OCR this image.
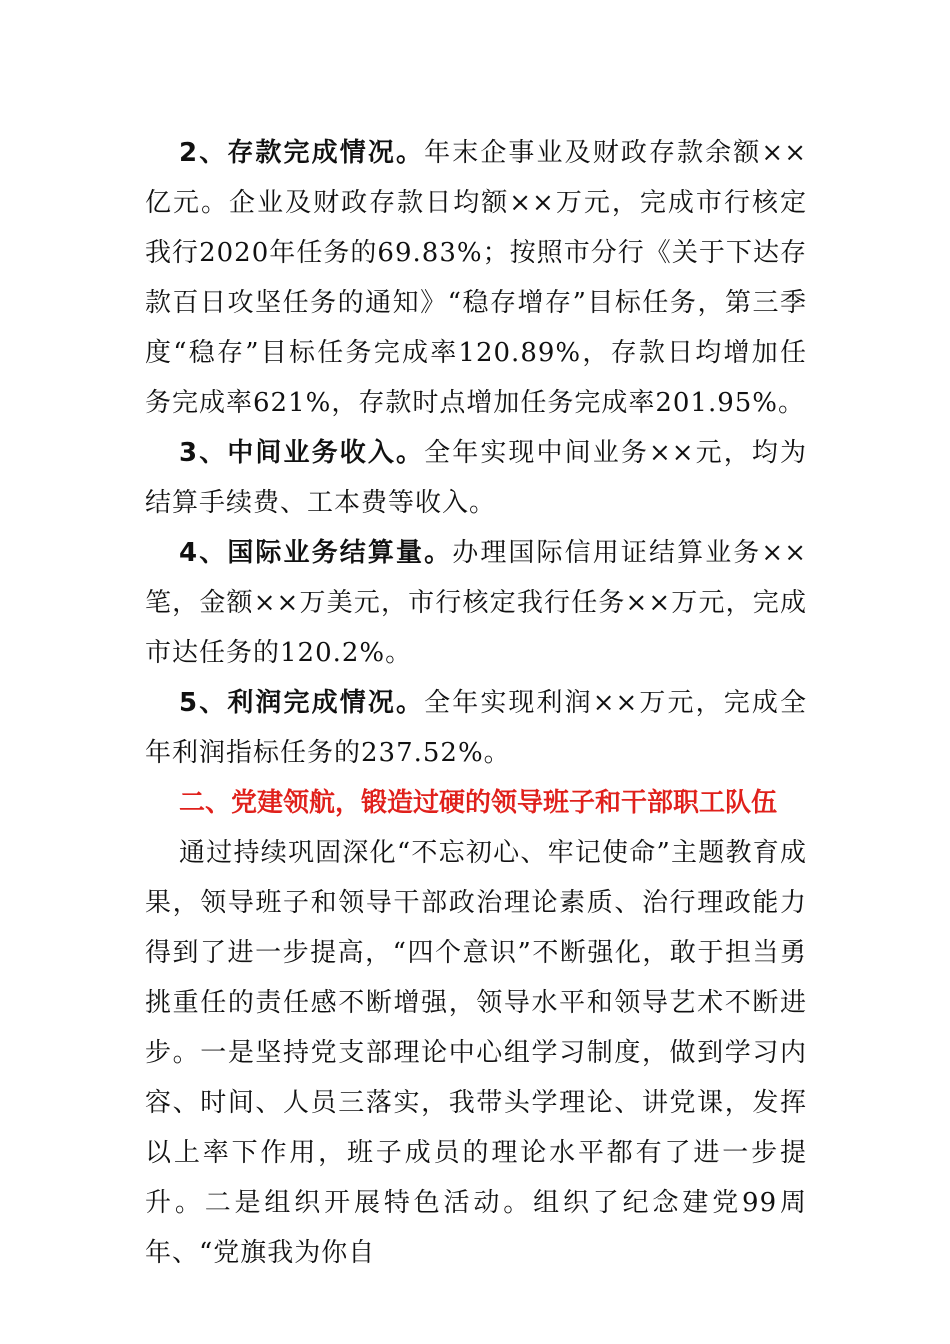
2、存款完成情况。年末企事业及财政存款余额××亿元。企业及财政存款日均额××万元，完成市行核定我行2020年任务的69.83%；按照市分行《关于下达存款百日攻坚任务的通知》“稳存增存”目标任务，第三季度“稳存”目标任务完成率120.89%，存款日均增加任务完成率621%，存款时点增加任务完成率201.95%。

3、中间业务收入。全年实现中间业务××元，均为结算手续费、工本费等收入。

4、国际业务结算量。办理国际信用证结算业务××笔，金额××万美元，市行核定我行任务××万元，完成市达任务的120.2%。

5、利润完成情况。全年实现利润××万元，完成全年利润指标任务的237.52%。

二、党建领航，锻造过硬的领导班子和干部职工队伍

通过持续巩固深化“不忘初心、牢记使命”主题教育成果，领导班子和领导干部政治理论素质、治行理政能力得到了进一步提高，“四个意识”不断强化，敢于担当勇挑重任的责任感不断增强，领导水平和领导艺术不断进步。一是坚持党支部理论中心组学习制度，做到学习内容、时间、人员三落实，我带头学理论、讲党课，发挥以上率下作用，班子成员的理论水平都有了进一步提升。二是组织开展特色活动。组织了纪念建党99周年、“党旗我为你自
